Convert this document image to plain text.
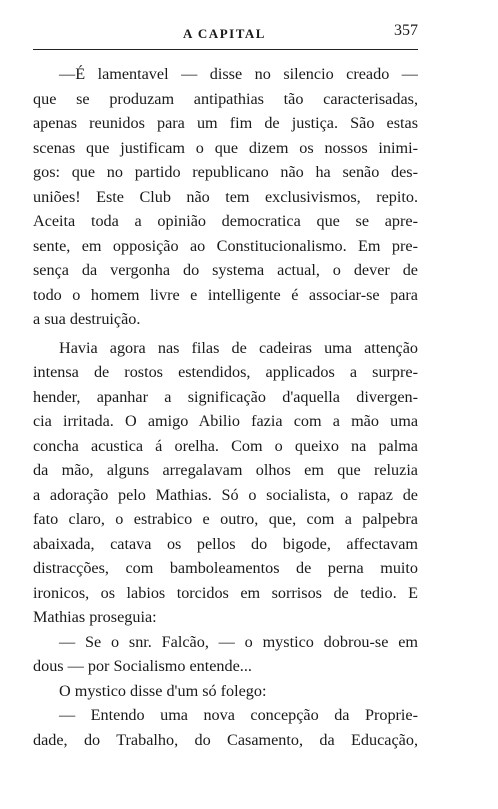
A CAPITAL	357
—É lamentavel — disse no silencio creado —
que se produzam antipathias tão caracterisadas,
apenas reunidos para um fim de justiça. São estas
scenas que justificam o que dizem os nossos inimi-
gos: que no partido republicano não ha senão des-
uniões! Este Club não tem exclusivismos, repito.
Aceita toda a opinião democratica que se apre-
sente, em opposição ao Constitucionalismo. Em pre-
sença da vergonha do systema actual, o dever de
todo o homem livre e intelligente é associar-se para
a sua destruição.
Havia agora nas filas de cadeiras uma attenção
intensa de rostos estendidos, applicados a surpre-
hender, apanhar a significação d'aquella divergen-
cia irritada. O amigo Abilio fazia com a mão uma
concha acustica á orelha. Com o queixo na palma
da mão, alguns arregalavam olhos em que reluzia
a adoração pelo Mathias. Só o socialista, o rapaz de
fato claro, o estrabico e outro, que, com a palpebra
abaixada, catava os pellos do bigode, affectavam
distracções, com bamboleamentos de perna muito
ironicos, os labios torcidos em sorrisos de tedio. E
Mathias proseguia:
— Se o snr. Falcão, — o mystico dobrou-se em
dous — por Socialismo entende...
O mystico disse d'um só folego:
— Entendo uma nova concepção da Proprie-
dade, do Trabalho, do Casamento, da Educação,
